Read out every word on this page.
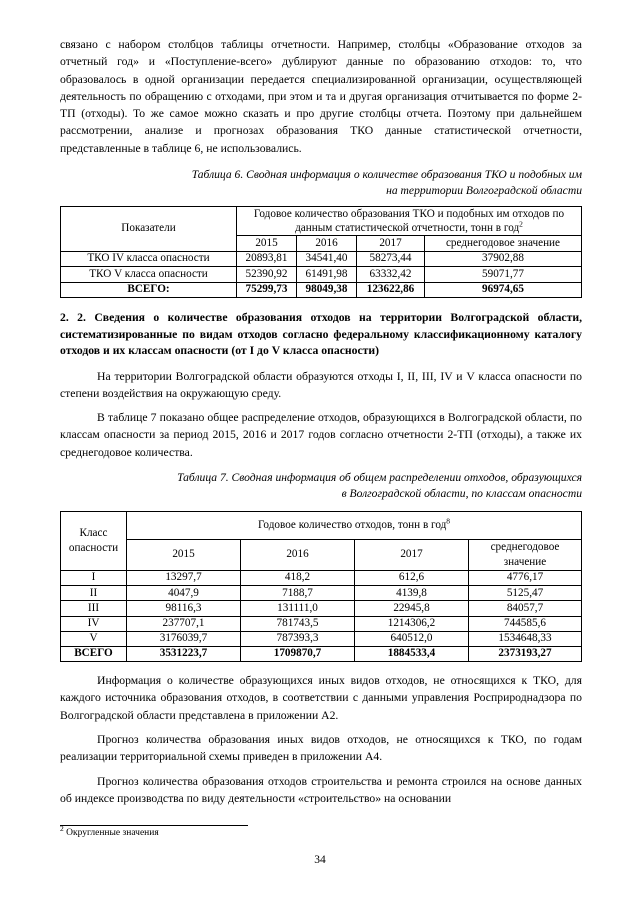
связано с набором столбцов таблицы отчетности. Например, столбцы «Образование отходов за отчетный год» и «Поступление-всего» дублируют данные по образованию отходов: то, что образовалось в одной организации передается специализированной организации, осуществляющей деятельность по обращению с отходами, при этом и та и другая организация отчитывается по форме 2-ТП (отходы). То же самое можно сказать и про другие столбцы отчета. Поэтому при дальнейшем рассмотрении, анализе и прогнозах образования ТКО данные статистической отчетности, представленные в таблице 6, не использовались.

Таблица 6. Сводная информация о количестве образования ТКО и подобных им

на территории Волгоградской области

Показатели	Годовое количество образования ТКО и подобных им отходов по данным статистической отчетности, тонн в год$^2$
	2015	2016	2017	среднегодовое значение
ТКО IV класса опасности	20893,81	34541,40	58273,44	37902,88
ТКО V класса опасности	52390,92	61491,98	63332,42	59071,77
ВСЕГО:	75299,73	98049,38	123622,86	96974,65

2. 2. Сведения о количестве образования отходов на территории Волгоградской области, систематизированные по видам отходов согласно федеральному классификационному каталогу отходов и их классам опасности (от I до V класса опасности)

На территории Волгоградской области образуются отходы I, II, III, IV и V класса опасности по степени воздействия на окружающую среду.

В таблице 7 показано общее распределение отходов, образующихся в Волгоградской области, по классам опасности за период 2015, 2016 и 2017 годов согласно отчетности 2-ТП (отходы), а также их среднегодовое количества.

Таблица 7. Сводная информация об общем распределении отходов, образующихся

в Волгоградской области, по классам опасности

Класс опасности	Годовое количество отходов, тонн в год$^8$
	2015	2016	2017	среднегодовое значение
I	13297,7	418,2	612,6	4776,17
II	4047,9	7188,7	4139,8	5125,47
III	98116,3	131111,0	22945,8	84057,7
IV	237707,1	781743,5	1214306,2	744585,6
V	3176039,7	787393,3	640512,0	1534648,33
ВСЕГО	3531223,7	1709870,7	1884533,4	2373193,27

Информация о количестве образующихся иных видов отходов, не относящихся к ТКО, для каждого источника образования отходов, в соответствии с данными управления Росприроднадзора по Волгоградской области представлена в приложении А2.

Прогноз количества образования иных видов отходов, не относящихся к ТКО, по годам реализации территориальной схемы приведен в приложении А4.

Прогноз количества образования отходов строительства и ремонта строился на основе данных об индексе производства по виду деятельности «строительство» на основании

$^2$ Округленные значения
34
